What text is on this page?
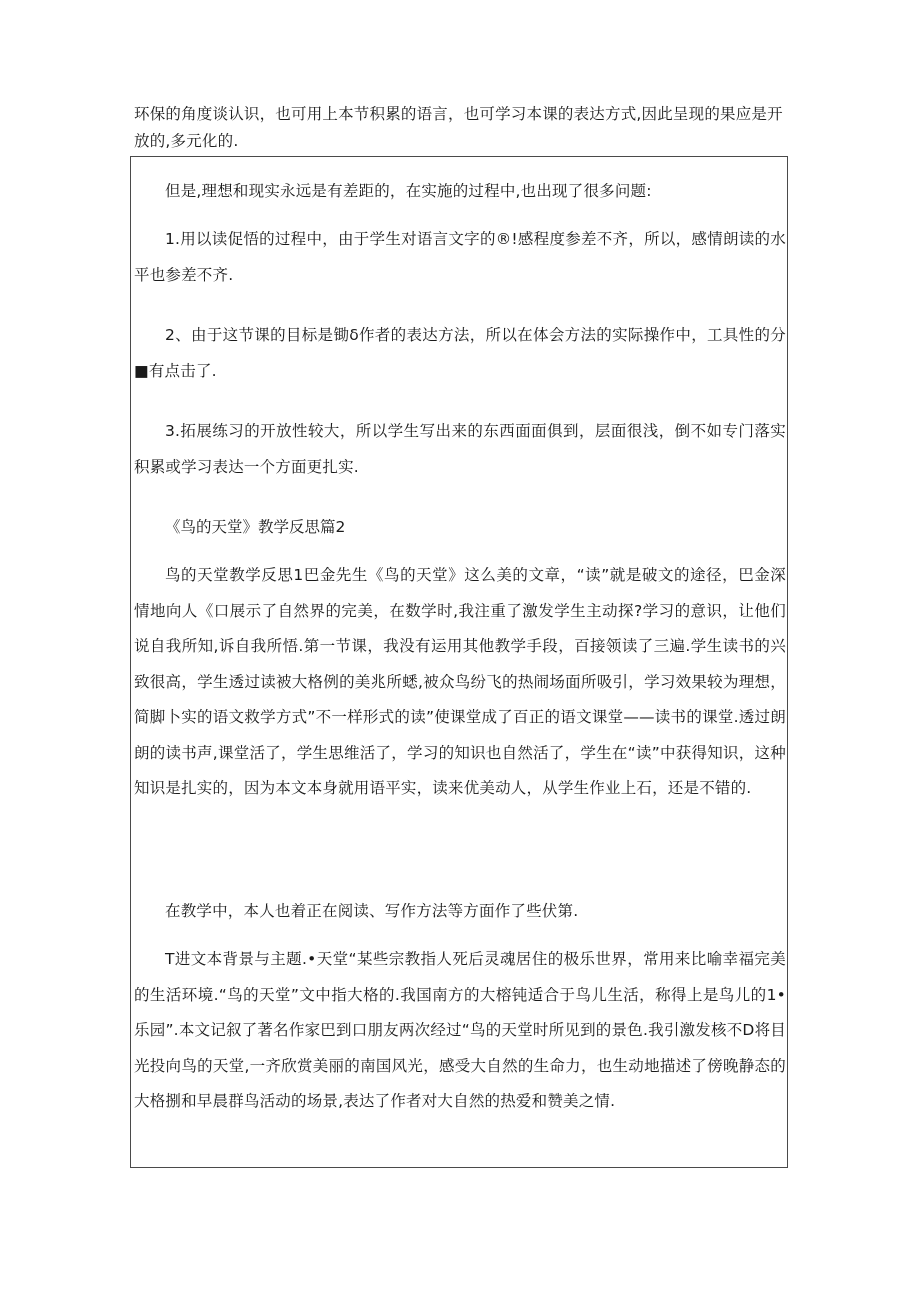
环保的角度谈认识，也可用上本节积累的语言，也可学习本课的表达方式,因此呈现的果应是开放的,多元化的.
但是,理想和现实永远是有差距的，在实施的过程中,也出现了很多问题:
1.用以读促悟的过程中，由于学生对语言文字的®!感程度参差不齐，所以，感情朗读的水平也参差不齐.
2、由于这节课的目标是锄δ作者的表达方法，所以在体会方法的实际操作中，工具性的分■有点击了.
3.拓展练习的开放性较大，所以学生写出来的东西面面俱到，层面很浅，倒不如专门落实积累或学习表达一个方面更扎实.
《鸟的天堂》教学反思篇2
鸟的天堂教学反思1巴金先生《鸟的天堂》这么美的文章，“读”就是破文的途径，巴金深情地向人《口展示了自然界的完美，在数学时,我注重了激发学生主动探?学习的意识，让他们说自我所知,诉自我所悟.第一节课，我没有运用其他教学手段，百接领读了三遍.学生读书的兴致很高，学生透过读被大格例的美兆所蟋,被众鸟纷飞的热闹场面所吸引，学习效果较为理想，简脚卜实的语文救学方式”不一样形式的读”使课堂成了百正的语文课堂——读书的课堂.透过朗朗的读书声,课堂活了，学生思维活了，学习的知识也自然活了，学生在“读”中获得知识，这种知识是扎实的，因为本文本身就用语平实，读来优美动人，从学生作业上石，还是不错的.
在教学中，本人也着正在阅读、写作方法等方面作了些伏第.
T进文本背景与主题.•天堂“某些宗教指人死后灵魂居住的极乐世界，常用来比喻幸福完美的生活环境.“鸟的天堂”文中指大格的.我国南方的大榕钝适合于鸟儿生活，称得上是鸟儿的1•乐园”.本文记叙了著名作家巴到口朋友两次经过“鸟的天堂时所见到的景色.我引激发核不D将目光投向鸟的天堂,一齐欣赏美丽的南国风光，感受大自然的生命力，也生动地描述了傍晚静态的大格捌和早晨群鸟活动的场景,表达了作者对大自然的热爱和赞美之情.
